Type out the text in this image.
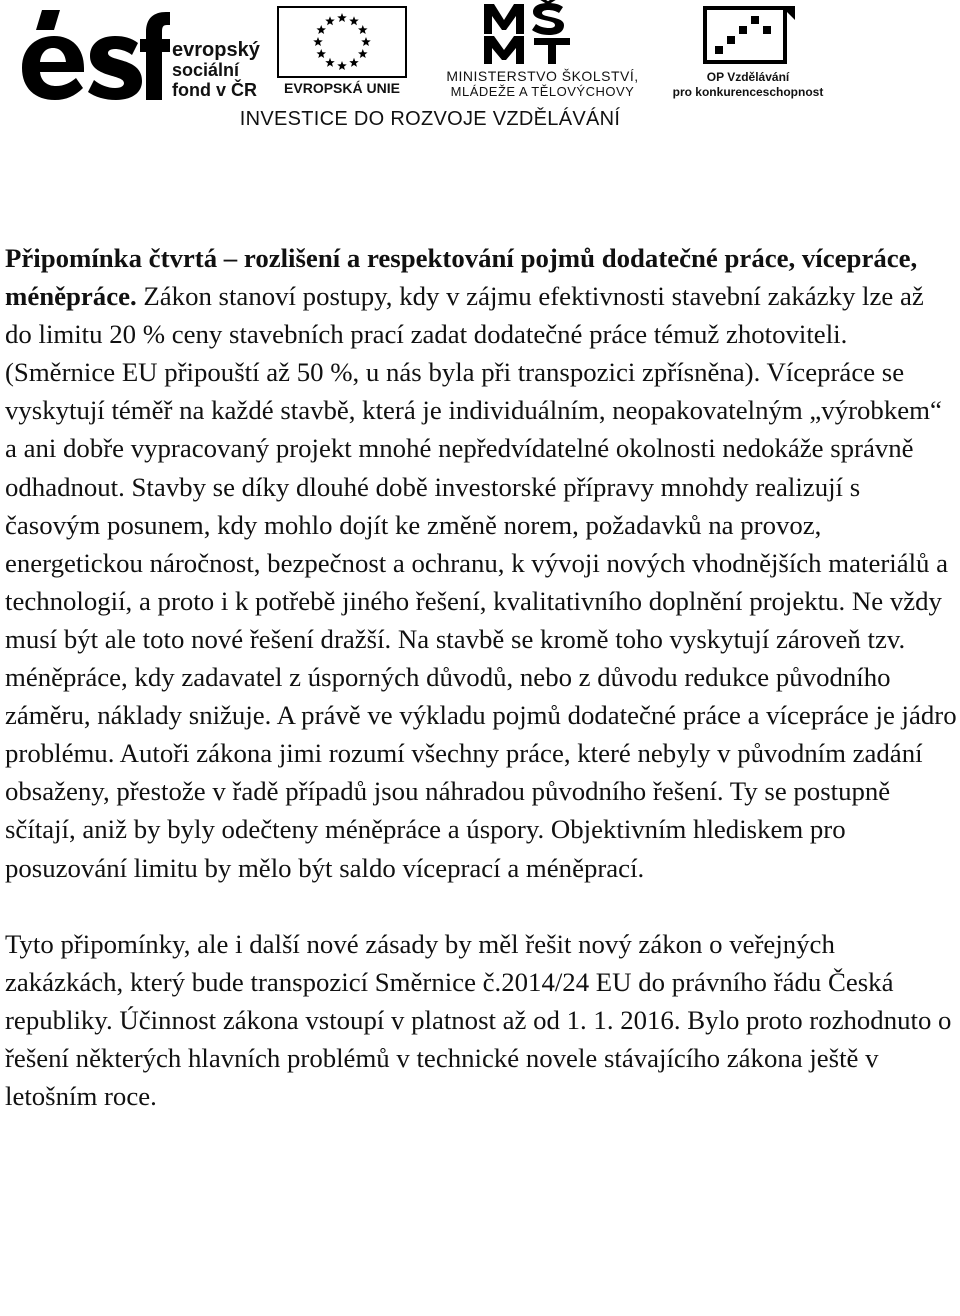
evropský
sociální
fond v ČR	EVROPSKÁ UNIE
MINISTERSTVO ŠKOLSTVÍ,
MLÁDEŽE A TĚLOVÝCHOVY
OP Vzdělávání
pro konkurenceschopnost
INVESTICE DO ROZVOJE VZDĚLÁVÁNÍ

Připomínka čtvrtá – rozlišení a respektování pojmů dodatečné práce, vícepráce, méněpráce. Zákon stanoví postupy, kdy v zájmu efektivnosti stavební zakázky lze až do limitu 20 % ceny stavebních prací zadat dodatečné práce témuž zhotoviteli. (Směrnice EU připouští až 50 %, u nás byla při transpozici zpřísněna). Vícepráce se vyskytují téměř na každé stavbě, která je individuálním, neopakovatelným „výrobkem“ a ani dobře vypracovaný projekt mnohé nepředvídatelné okolnosti nedokáže správně odhadnout. Stavby se díky dlouhé době investorské přípravy mnohdy realizují s časovým posunem, kdy mohlo dojít ke změně norem, požadavků na provoz, energetickou náročnost, bezpečnost a ochranu, k vývoji nových vhodnějších materiálů a technologií, a proto i k potřebě jiného řešení, kvalitativního doplnění projektu. Ne vždy musí být ale toto nové řešení dražší. Na stavbě se kromě toho vyskytují zároveň tzv. méněpráce, kdy zadavatel z úsporných důvodů, nebo z důvodu redukce původního záměru, náklady snižuje. A právě ve výkladu pojmů dodatečné práce a vícepráce je jádro problému. Autoři zákona jimi rozumí všechny práce, které nebyly v původním zadání obsaženy, přestože v řadě případů jsou náhradou původního řešení. Ty se postupně sčítají, aniž by byly odečteny méněpráce a úspory. Objektivním hlediskem pro posuzování limitu by mělo být saldo víceprací a méněprací.

Tyto připomínky, ale i další nové zásady by měl řešit nový zákon o veřejných zakázkách, který bude transpozicí Směrnice č.2014/24 EU do právního řádu Česká republiky. Účinnost zákona vstoupí v platnost až od 1. 1. 2016. Bylo proto rozhodnuto o řešení některých hlavních problémů v technické novele stávajícího zákona ještě v letošním roce.
